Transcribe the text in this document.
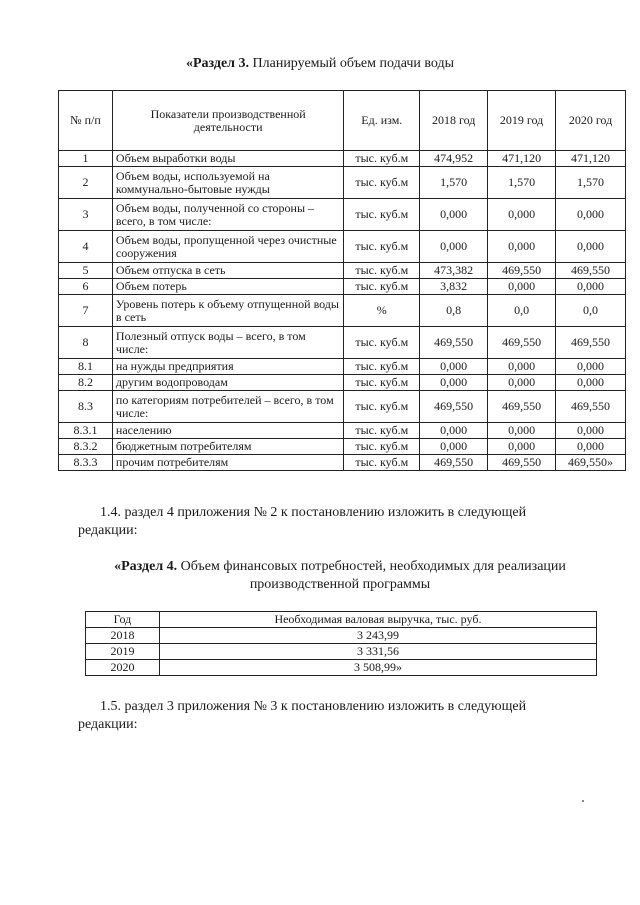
«Раздел 3. Планируемый объем подачи воды
№ п/п	Показатели производственной деятельности	Ед. изм.	2018 год	2019 год	2020 год
1	Объем выработки воды	тыс. куб.м	474,952	471,120	471,120
2	Объем воды, используемой на коммунально-бытовые нужды	тыс. куб.м	1,570	1,570	1,570
3	Объем воды, полученной со стороны – всего, в том числе:	тыс. куб.м	0,000	0,000	0,000
4	Объем воды, пропущенной через очистные сооружения	тыс. куб.м	0,000	0,000	0,000
5	Объем отпуска в сеть	тыс. куб.м	473,382	469,550	469,550
6	Объем потерь	тыс. куб.м	3,832	0,000	0,000
7	Уровень потерь к объему отпущенной воды в сеть	%	0,8	0,0	0,0
8	Полезный отпуск воды – всего, в том числе:	тыс. куб.м	469,550	469,550	469,550
8.1	на нужды предприятия	тыс. куб.м	0,000	0,000	0,000
8.2	другим водопроводам	тыс. куб.м	0,000	0,000	0,000
8.3	по категориям потребителей – всего, в том числе:	тыс. куб.м	469,550	469,550	469,550
8.3.1	населению	тыс. куб.м	0,000	0,000	0,000
8.3.2	бюджетным потребителям	тыс. куб.м	0,000	0,000	0,000
8.3.3	прочим потребителям	тыс. куб.м	469,550	469,550	469,550»
1.4. раздел 4 приложения № 2 к постановлению изложить в следующей
редакции:
«Раздел 4. Объем финансовых потребностей, необходимых для реализации
производственной программы
Год	Необходимая валовая выручка, тыс. руб.
2018	3 243,99
2019	3 331,56
2020	3 508,99»
1.5. раздел 3 приложения № 3 к постановлению изложить в следующей
редакции:
